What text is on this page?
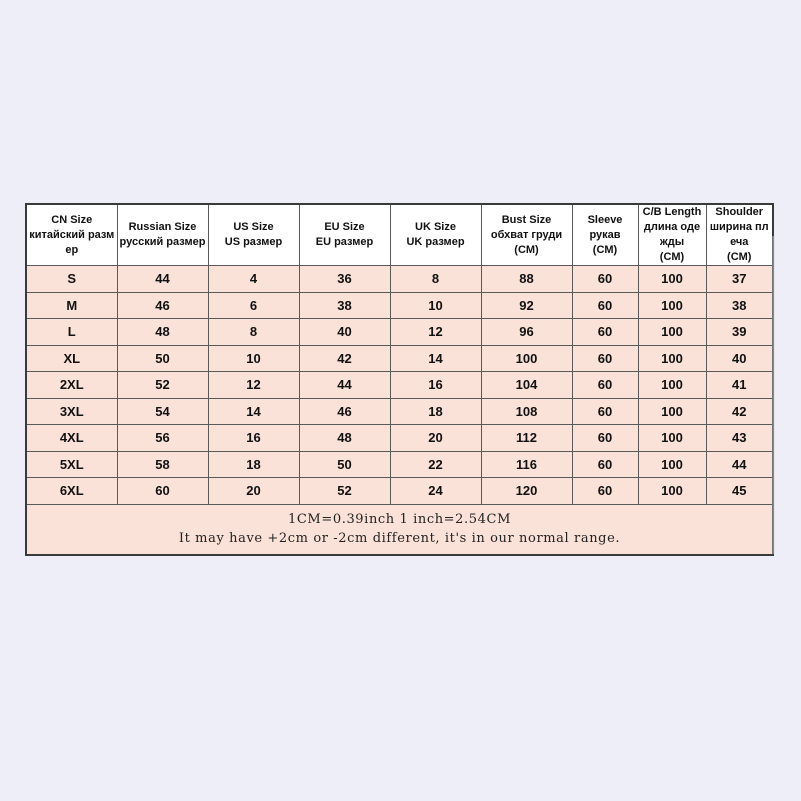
CN Size
китайский разм
ер	Russian Size
русский размер	US Size
US размер	EU Size
EU размер	UK Size
UK размер	Bust Size
обхват груди
(CM)	Sleeve
рукав
(CM)	C/B Length
длина оде
жды
(CM)	Shoulder
ширина пл
еча
(CM)

S	44	4	36	8	88	60	100	37
M	46	6	38	10	92	60	100	38
L	48	8	40	12	96	60	100	39
XL	50	10	42	14	100	60	100	40
2XL	52	12	44	16	104	60	100	41
3XL	54	14	46	18	108	60	100	42
4XL	56	16	48	20	112	60	100	43
5XL	58	18	50	22	116	60	100	44
6XL	60	20	52	24	120	60	100	45

1CM=0.39inch 1 inch=2.54CM
It may have +2cm or -2cm different, it's in our normal range.								
